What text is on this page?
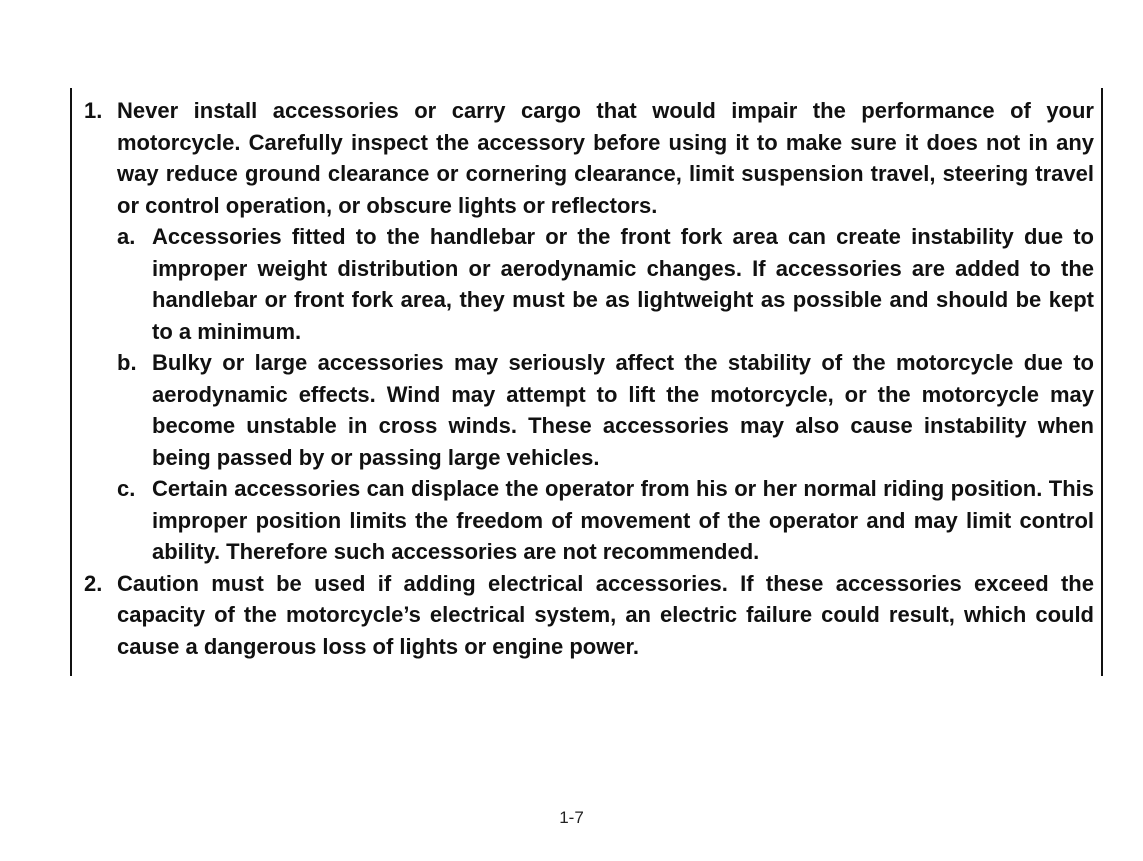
1. Never install accessories or carry cargo that would impair the performance of your motorcycle. Carefully inspect the accessory before using it to make sure it does not in any way reduce ground clearance or cornering clearance, limit suspension travel, steering travel or control operation, or obscure lights or reflectors.
a. Accessories fitted to the handlebar or the front fork area can create instability due to improper weight distribution or aerodynamic changes. If accessories are added to the handlebar or front fork area, they must be as lightweight as possible and should be kept to a minimum.
b. Bulky or large accessories may seriously affect the stability of the motorcycle due to aerodynamic effects. Wind may attempt to lift the motorcycle, or the motorcycle may become unstable in cross winds. These accessories may also cause instability when being passed by or passing large vehicles.
c. Certain accessories can displace the operator from his or her normal riding position. This improper position limits the freedom of movement of the operator and may limit control ability. Therefore such accessories are not recommended.
2. Caution must be used if adding electrical accessories. If these accessories exceed the capacity of the motorcycle’s electrical system, an electric failure could result, which could cause a dangerous loss of lights or engine power.
1-7
